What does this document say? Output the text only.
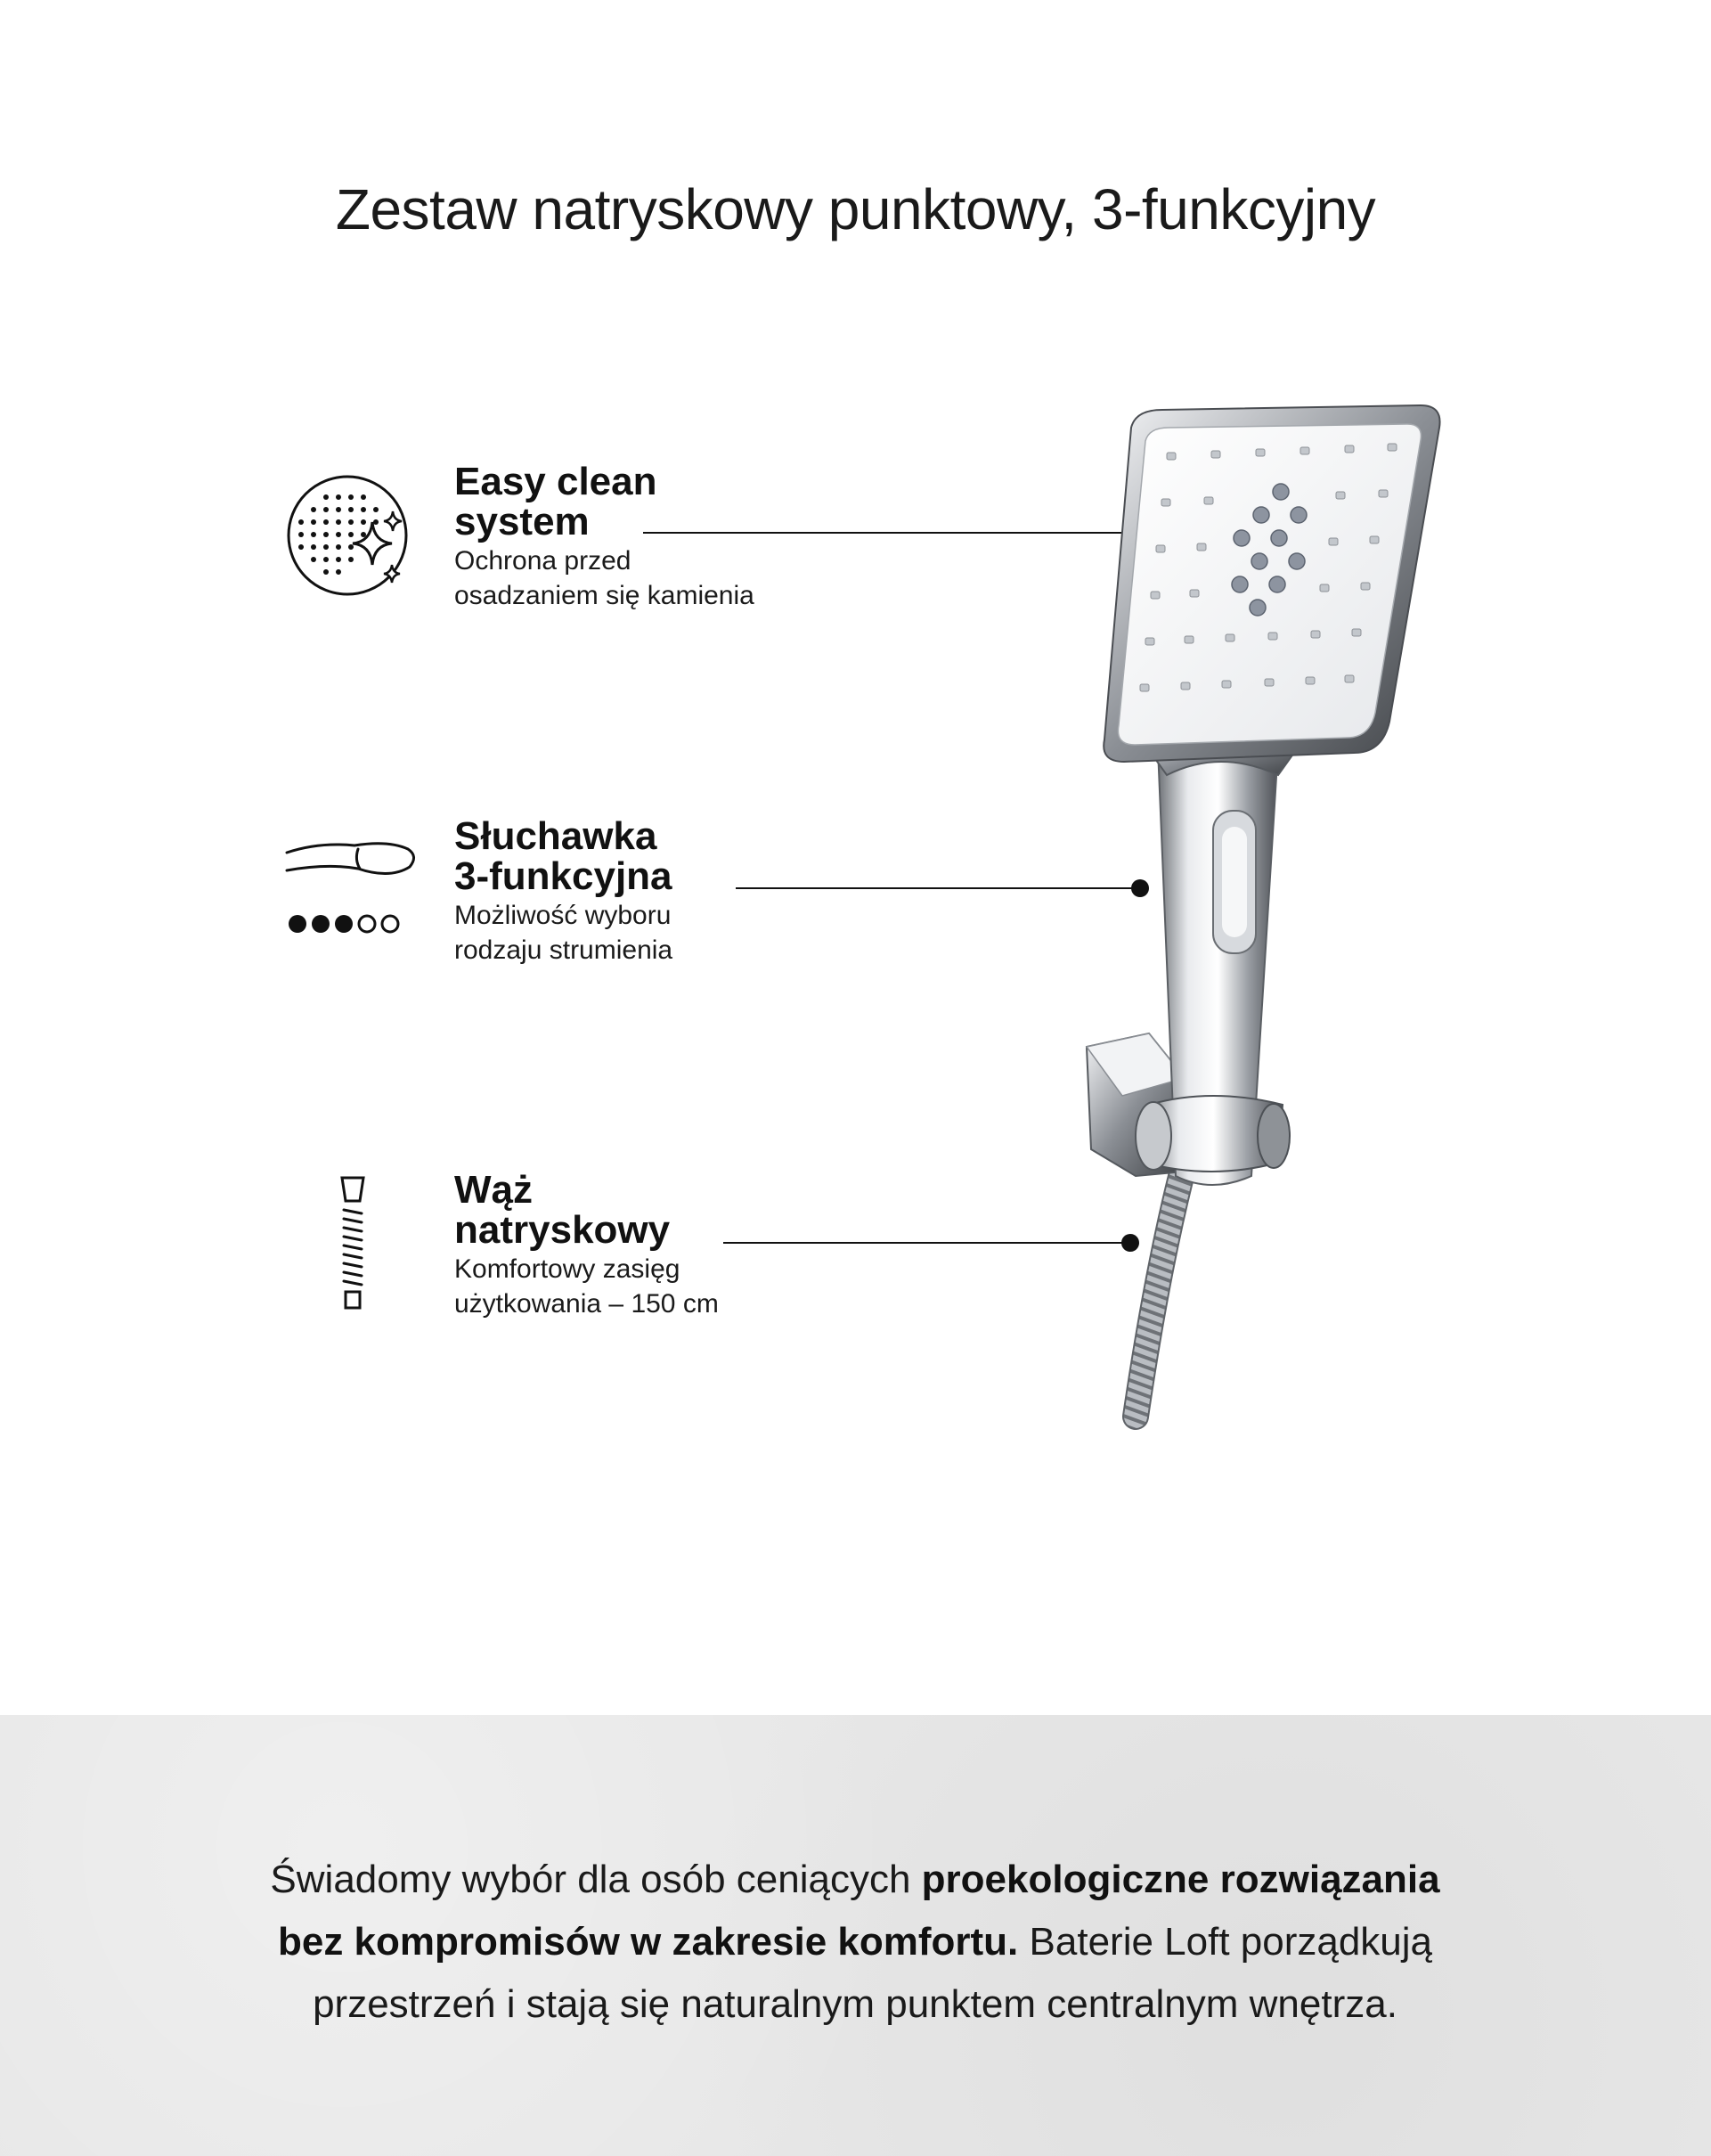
Zestaw natryskowy punktowy, 3-funkcyjny
Easy clean
system

Ochrona przed
osadzaniem się kamienia

Słuchawka
3-funkcyjna

Możliwość wyboru
rodzaju strumienia

Wąż
natryskowy

Komfortowy zasięg
użytkowania – 150 cm

Świadomy wybór dla osób ceniących proekologiczne rozwiązania
bez kompromisów w zakresie komfortu. Baterie Loft porządkują
przestrzeń i stają się naturalnym punktem centralnym wnętrza.
